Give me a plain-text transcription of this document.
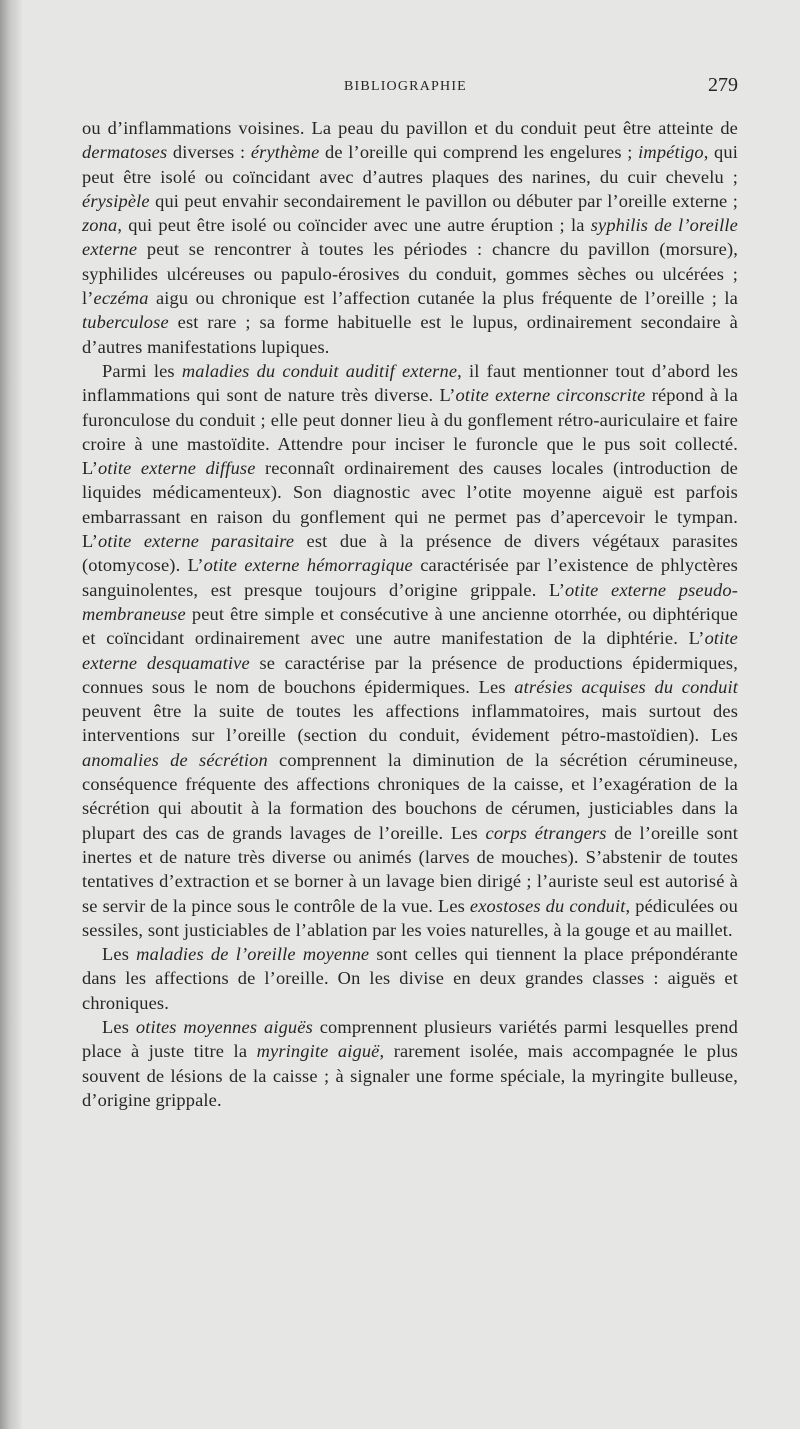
BIBLIOGRAPHIE	279

ou d’inflammations voisines. La peau du pavillon et du conduit peut être atteinte de dermatoses diverses : érythème de l’oreille qui comprend les engelures ; impétigo, qui peut être isolé ou coïncidant avec d’autres plaques des narines, du cuir chevelu ; érysipèle qui peut envahir secondairement le pavillon ou débuter par l’oreille externe ; zona, qui peut être isolé ou coïncider avec une autre éruption ; la syphilis de l’oreille externe peut se rencontrer à toutes les périodes : chancre du pavillon (morsure), syphilides ulcéreuses ou papulo-érosives du conduit, gommes sèches ou ulcérées ; l’eczéma aigu ou chronique est l’affection cutanée la plus fréquente de l’oreille ; la tuberculose est rare ; sa forme habituelle est le lupus, ordinairement secondaire à d’autres manifestations lupiques.

Parmi les maladies du conduit auditif externe, il faut mentionner tout d’abord les inflammations qui sont de nature très diverse. L’otite externe circonscrite répond à la furonculose du conduit ; elle peut donner lieu à du gonflement rétro-auriculaire et faire croire à une mastoïdite. Attendre pour inciser le furoncle que le pus soit collecté. L’otite externe diffuse reconnaît ordinairement des causes locales (introduction de liquides médicamenteux). Son diagnostic avec l’otite moyenne aiguë est parfois embarrassant en raison du gonflement qui ne permet pas d’apercevoir le tympan. L’otite externe parasitaire est due à la présence de divers végétaux parasites (otomycose). L’otite externe hémorragique caractérisée par l’existence de phlyctères sanguinolentes, est presque toujours d’origine grippale. L’otite externe pseudo-membraneuse peut être simple et consécutive à une ancienne otorrhée, ou diphtérique et coïncidant ordinairement avec une autre manifestation de la diphtérie. L’otite externe desquamative se caractérise par la présence de productions épidermiques, connues sous le nom de bouchons épidermiques. Les atrésies acquises du conduit peuvent être la suite de toutes les affections inflammatoires, mais surtout des interventions sur l’oreille (section du conduit, évidement pétro-mastoïdien). Les anomalies de sécrétion comprennent la diminution de la sécrétion cérumineuse, conséquence fréquente des affections chroniques de la caisse, et l’exagération de la sécrétion qui aboutit à la formation des bouchons de cérumen, justiciables dans la plupart des cas de grands lavages de l’oreille. Les corps étrangers de l’oreille sont inertes et de nature très diverse ou animés (larves de mouches). S’abstenir de toutes tentatives d’extraction et se borner à un lavage bien dirigé ; l’auriste seul est autorisé à se servir de la pince sous le contrôle de la vue. Les exostoses du conduit, pédiculées ou sessiles, sont justiciables de l’ablation par les voies naturelles, à la gouge et au maillet.

Les maladies de l’oreille moyenne sont celles qui tiennent la place prépondérante dans les affections de l’oreille. On les divise en deux grandes classes : aiguës et chroniques.

Les otites moyennes aiguës comprennent plusieurs variétés parmi lesquelles prend place à juste titre la myringite aiguë, rarement isolée, mais accompagnée le plus souvent de lésions de la caisse ; à signaler une forme spéciale, la myringite bulleuse, d’origine grippale.
